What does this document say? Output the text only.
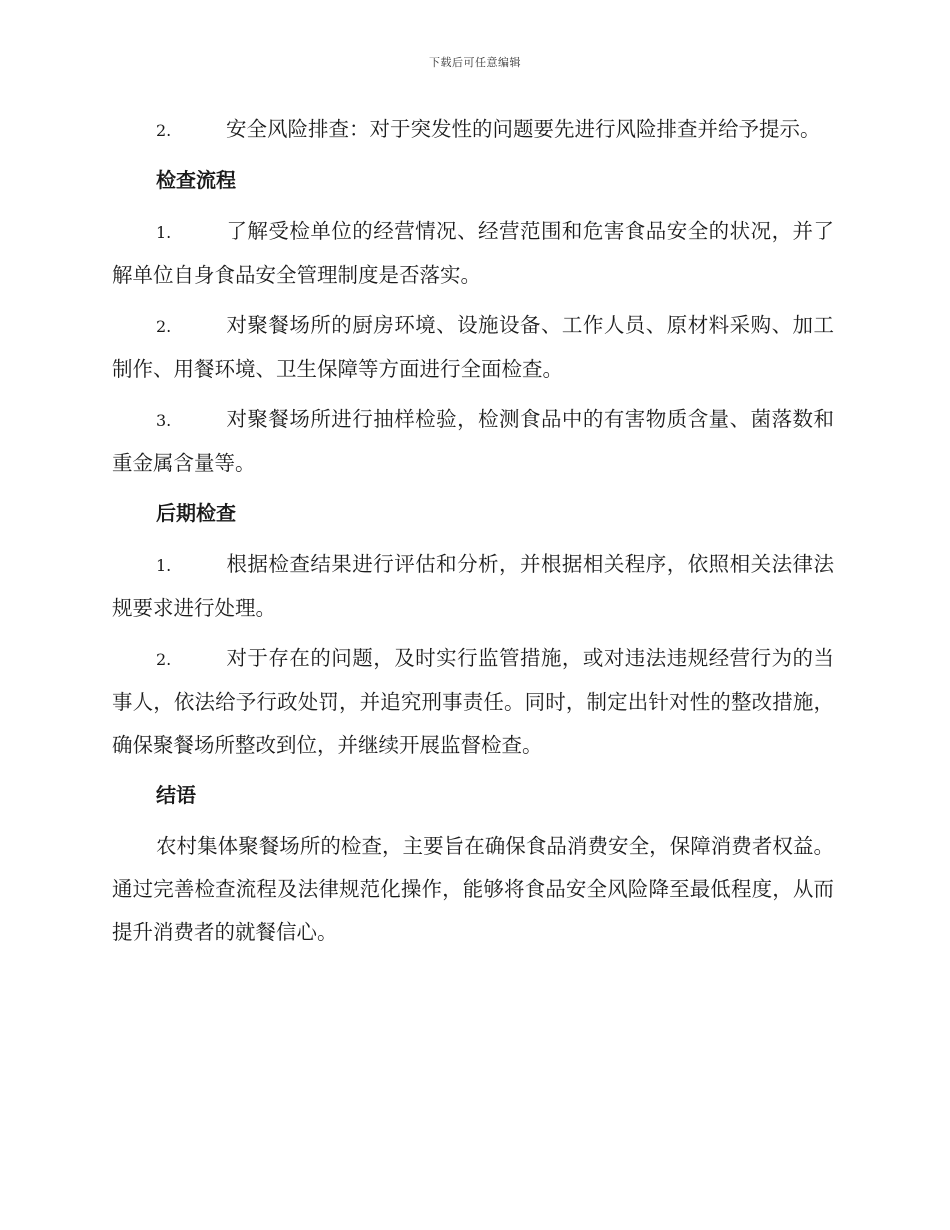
下载后可任意编辑

2.	安全风险排查：对于突发性的问题要先进行风险排查并给予提示。

检查流程

1.	了解受检单位的经营情况、经营范围和危害食品安全的状况，并了解单位自身食品安全管理制度是否落实。

2.	对聚餐场所的厨房环境、设施设备、工作人员、原材料采购、加工制作、用餐环境、卫生保障等方面进行全面检查。

3.	对聚餐场所进行抽样检验，检测食品中的有害物质含量、菌落数和重金属含量等。

后期检查

1.	根据检查结果进行评估和分析，并根据相关程序，依照相关法律法规要求进行处理。

2.	对于存在的问题，及时实行监管措施，或对违法违规经营行为的当事人，依法给予行政处罚，并追究刑事责任。同时，制定出针对性的整改措施，确保聚餐场所整改到位，并继续开展监督检查。

结语

农村集体聚餐场所的检查，主要旨在确保食品消费安全，保障消费者权益。通过完善检查流程及法律规范化操作，能够将食品安全风险降至最低程度，从而提升消费者的就餐信心。
